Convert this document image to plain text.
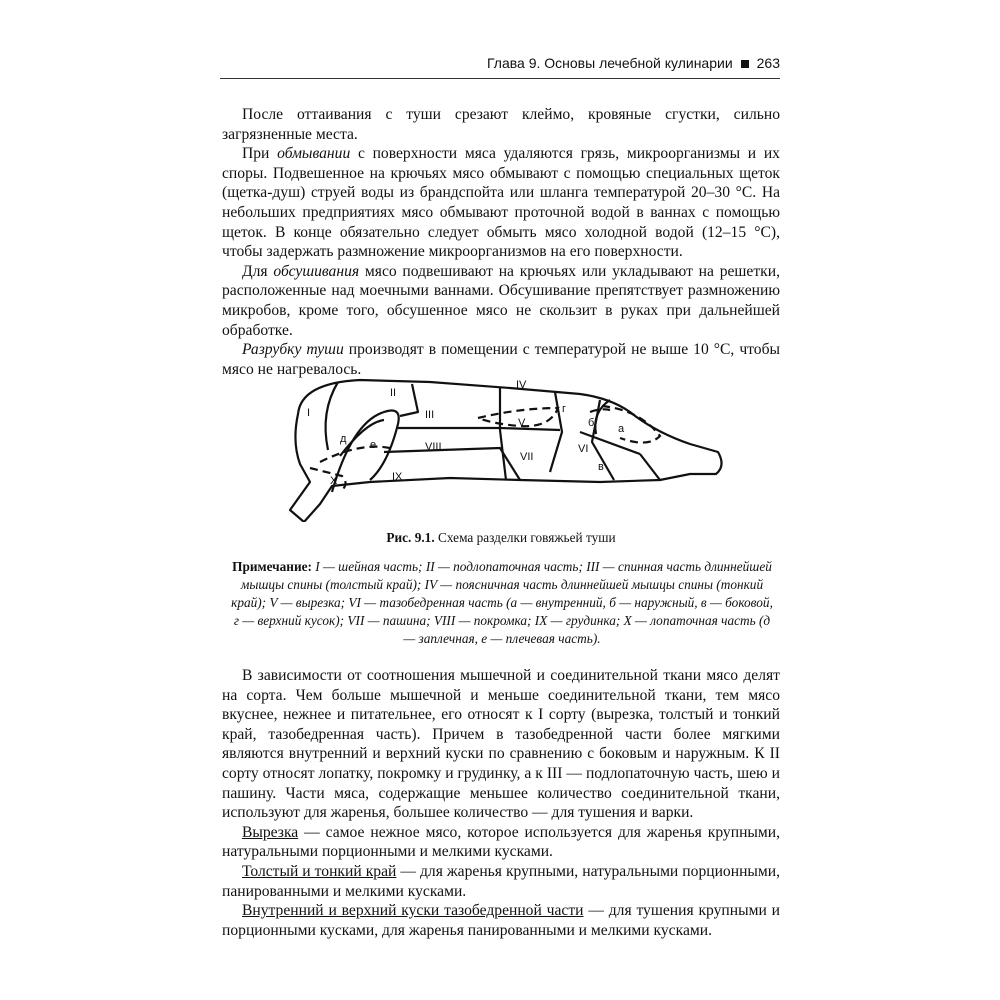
Глава 9. Основы лечебной кулинарии 263

После оттаивания с туши срезают клеймо, кровяные сгустки, сильно загрязненные места.

При обмывании с поверхности мяса удаляются грязь, микроорганизмы и их споры. Подвешенное на крючьях мясо обмывают с помощью специальных щеток (щетка-душ) струей воды из брандспойта или шланга температурой 20–30 °С. На небольших предприятиях мясо обмывают проточной водой в ваннах с помощью щеток. В конце обязательно следует обмыть мясо холодной водой (12–15 °С), чтобы задержать размножение микроорганизмов на его поверхности.

Для обсушивания мясо подвешивают на крючьях или укладывают на решетки, расположенные над моечными ваннами. Обсушивание препятствует размножению микробов, кроме того, обсушенное мясо не скользит в руках при дальнейшей обработке.

Разрубку туши производят в помещении с температурой не выше 10 °С, чтобы мясо не нагревалось.

I
II
III
IV
V
VI
VII
VIII
IX
X
а
б
в
г
д е
Рис. 9.1. Схема разделки говяжьей туши
Примечание: I — шейная часть; II — подлопаточная часть; III — спинная часть длиннейшей мышцы спины (толстый край); IV — поясничная часть длиннейшей мышцы спины (тонкий край); V — вырезка; VI — тазобедренная часть (а — внутренний, б — наружный, в — боковой, г — верхний кусок); VII — пашина; VIII — покромка; IX — грудинка; X — лопаточная часть (д — заплечная, е — плечевая часть).

В зависимости от соотношения мышечной и соединительной ткани мясо делят на сорта. Чем больше мышечной и меньше соединительной ткани, тем мясо вкуснее, нежнее и питательнее, его относят к I сорту (вырезка, толстый и тонкий край, тазобедренная часть). Причем в тазобедренной части более мягкими являются внутренний и верхний куски по сравнению с боковым и наружным. К II сорту относят лопатку, покромку и грудинку, а к III — подлопаточную часть, шею и пашину. Части мяса, содержащие меньшее количество соединительной ткани, используют для жаренья, большее количество — для тушения и варки.

Вырезка — самое нежное мясо, которое используется для жаренья крупными, натуральными порционными и мелкими кусками.

Толстый и тонкий край — для жаренья крупными, натуральными порционными, панированными и мелкими кусками.

Внутренний и верхний куски тазобедренной части — для тушения крупными и порционными кусками, для жаренья панированными и мелкими кусками.
